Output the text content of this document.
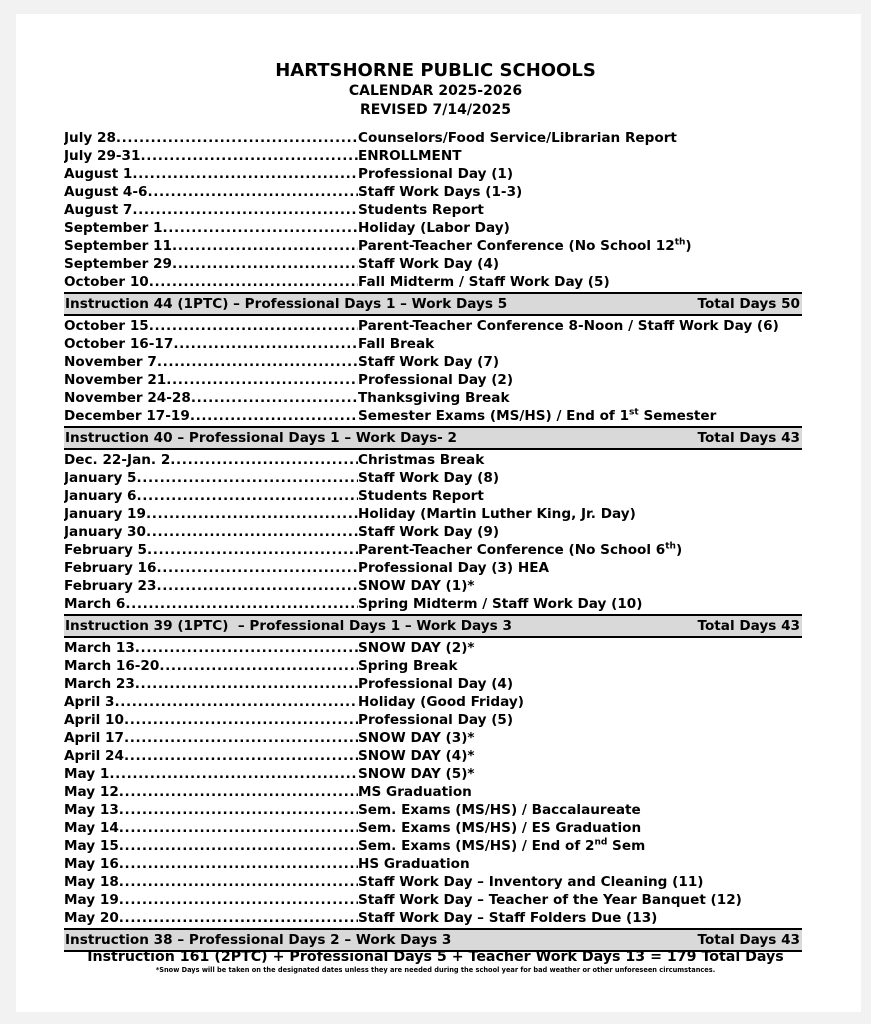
HARTSHORNE PUBLIC SCHOOLS
CALENDAR 2025-2026
REVISED 7/14/2025
July 28 .....	Counselors/Food Service/Librarian Report
July 29-31 .....	ENROLLMENT
August 1 .....	Professional Day (1)
August 4-6 .....	Staff Work Days (1-3)
August 7 .....	Students Report
September 1 .....	Holiday (Labor Day)
September 11 .....	Parent-Teacher Conference (No School 12th)
September 29 .....	Staff Work Day (4)
October 10 .....	Fall Midterm / Staff Work Day (5)
Instruction 44 (1PTC) – Professional Days 1 – Work Days 5	Total Days 50
October 15 .....	Parent-Teacher Conference 8-Noon / Staff Work Day (6)
October 16-17 .....	Fall Break
November 7 .....	Staff Work Day (7)
November 21 .....	Professional Day (2)
November 24-28 .....	Thanksgiving Break
December 17-19 .....	Semester Exams (MS/HS) / End of 1st Semester
Instruction 40 – Professional Days 1 – Work Days- 2	Total Days 43
Dec. 22-Jan. 2 .....	Christmas Break
January 5 .....	Staff Work Day (8)
January 6 .....	Students Report
January 19 .....	Holiday (Martin Luther King, Jr. Day)
January 30 .....	Staff Work Day (9)
February 5 .....	Parent-Teacher Conference (No School 6th)
February 16 .....	Professional Day (3) HEA
February 23 .....	SNOW DAY (1)*
March 6 .....	Spring Midterm / Staff Work Day (10)
Instruction 39 (1PTC)  – Professional Days 1 – Work Days 3	Total Days 43
March 13 .....	SNOW DAY (2)*
March 16-20 .....	Spring Break
March 23 .....	Professional Day (4)
April 3 .....	Holiday (Good Friday)
April 10 .....	Professional Day (5)
April 17 .....	SNOW DAY (3)*
April 24 .....	SNOW DAY (4)*
May 1 .....	SNOW DAY (5)*
May 12 .....	MS Graduation
May 13 .....	Sem. Exams (MS/HS) / Baccalaureate
May 14 .....	Sem. Exams (MS/HS) / ES Graduation
May 15 .....	Sem. Exams (MS/HS) / End of 2nd Sem
May 16 .....	HS Graduation
May 18 .....	Staff Work Day – Inventory and Cleaning (11)
May 19 .....	Staff Work Day – Teacher of the Year Banquet (12)
May 20 .....	Staff Work Day – Staff Folders Due (13)
Instruction 38 – Professional Days 2 – Work Days 3	Total Days 43
Instruction 161 (2PTC) + Professional Days 5 + Teacher Work Days 13 = 179 Total Days
*Snow Days will be taken on the designated dates unless they are needed during the school year for bad weather or other unforeseen circumstances.
